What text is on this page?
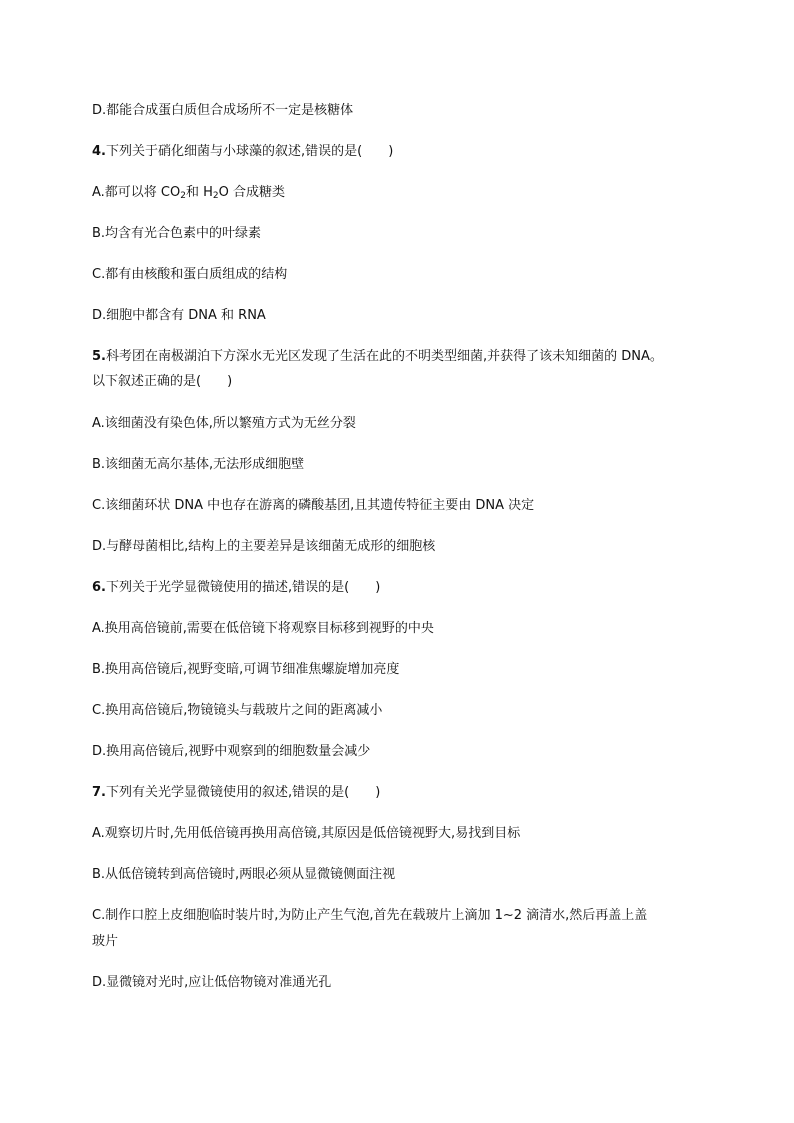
D.都能合成蛋白质但合成场所不一定是核糖体
4.下列关于硝化细菌与小球藻的叙述,错误的是(　　)
A.都可以将 $CO_2$和 $H_2O$ 合成糖类
B.均含有光合色素中的叶绿素
C.都有由核酸和蛋白质组成的结构
D.细胞中都含有 DNA 和 RNA
5.科考团在南极湖泊下方深水无光区发现了生活在此的不明类型细菌,并获得了该未知细菌的 DNA。
以下叙述正确的是(　　)
A.该细菌没有染色体,所以繁殖方式为无丝分裂
B.该细菌无高尔基体,无法形成细胞壁
C.该细菌环状 DNA 中也存在游离的磷酸基团,且其遗传特征主要由 DNA 决定
D.与酵母菌相比,结构上的主要差异是该细菌无成形的细胞核
6.下列关于光学显微镜使用的描述,错误的是(　　)
A.换用高倍镜前,需要在低倍镜下将观察目标移到视野的中央
B.换用高倍镜后,视野变暗,可调节细准焦螺旋增加亮度
C.换用高倍镜后,物镜镜头与载玻片之间的距离减小
D.换用高倍镜后,视野中观察到的细胞数量会减少
7.下列有关光学显微镜使用的叙述,错误的是(　　)
A.观察切片时,先用低倍镜再换用高倍镜,其原因是低倍镜视野大,易找到目标
B.从低倍镜转到高倍镜时,两眼必须从显微镜侧面注视
C.制作口腔上皮细胞临时装片时,为防止产生气泡,首先在载玻片上滴加 1~2 滴清水,然后再盖上盖
玻片
D.显微镜对光时,应让低倍物镜对准通光孔
